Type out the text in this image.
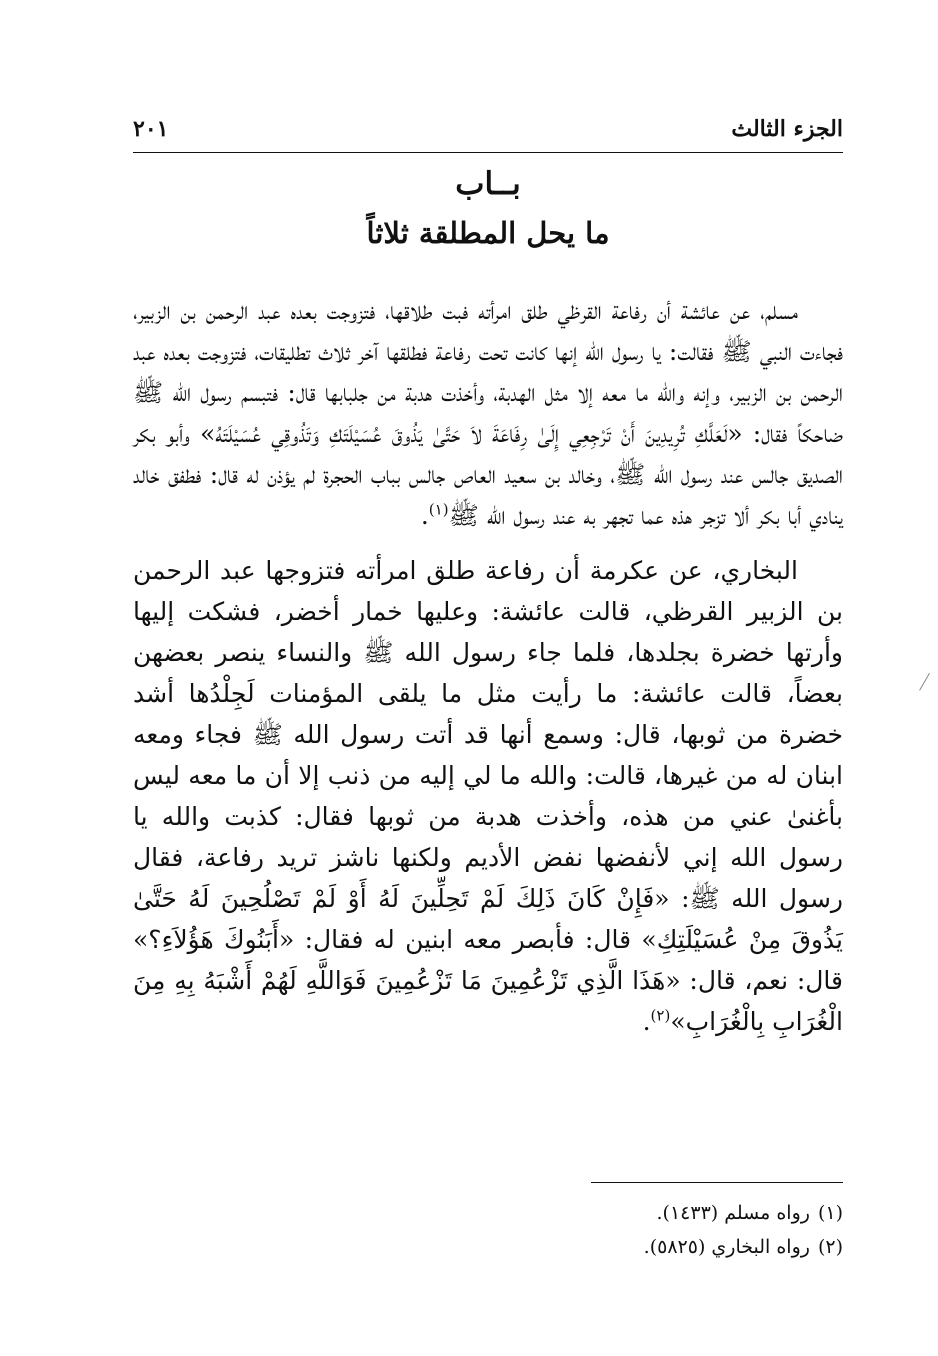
الجزء الثالث
٢٠١
بــاب
ما يحل المطلقة ثلاثاً

مسلم، عن عائشة أن رفاعة القرظي طلق امرأته فبت طلاقها، فتزوجت بعده عبد الرحمن بن الزبير، فجاءت النبي ﷺ فقالت: يا رسول الله إنها كانت تحت رفاعة فطلقها آخر ثلاث تطليقات، فتزوجت بعده عبد الرحمن بن الزبير، وإنه والله ما معه إلا مثل الهدبة، وأخذت هدبة من جلبابها قال: فتبسم رسول الله ﷺ ضاحكاً فقال: «لَعَلَّكِ تُرِيدِينَ أَنْ تَرْجِعِي إِلَىٰ رِفَاعَةَ لاَ حَتَّىٰ يَذُوقَ عُسَيْلَتَكِ وَتَذُوقِي عُسَيْلَتَهُ» وأبو بكر الصديق جالس عند رسول الله ﷺ، وخالد بن سعيد العاص جالس بباب الحجرة لم يؤذن له قال: فطفق خالد ينادي أبا بكر ألا تزجر هذه عما تجهر به عند رسول الله ﷺ$^{(١)}$.

البخاري، عن عكرمة أن رفاعة طلق امرأته فتزوجها عبد الرحمن بن الزبير القرظي، قالت عائشة: وعليها خمار أخضر، فشكت إليها وأرتها خضرة بجلدها، فلما جاء رسول الله ﷺ والنساء ينصر بعضهن بعضاً، قالت عائشة: ما رأيت مثل ما يلقى المؤمنات لَجِلْدُها أشد خضرة من ثوبها، قال: وسمع أنها قد أتت رسول الله ﷺ فجاء ومعه ابنان له من غيرها، قالت: والله ما لي إليه من ذنب إلا أن ما معه ليس بأغنىٰ عني من هذه، وأخذت هدبة من ثوبها فقال: كذبت والله يا رسول الله إني لأنفضها نفض الأديم ولكنها ناشز تريد رفاعة، فقال رسول الله ﷺ: «فَإِنْ كَانَ ذَلِكَ لَمْ تَحِلِّينَ لَهُ أَوْ لَمْ تَصْلُحِينَ لَهُ حَتَّىٰ يَذُوقَ مِنْ عُسَيْلَتِكِ» قال: فأبصر معه ابنين له فقال: «أَبَنُوكَ هَؤُلاَءِ؟» قال: نعم، قال: «هَذَا الَّذِي تَزْعُمِينَ مَا تَزْعُمِينَ فَوَاللَّهِ لَهُمْ أَشْبَهُ بِهِ مِنَ الْغُرَابِ بِالْغُرَابِ»$^{(٢)}$.

(١)رواه مسلم (١٤٣٣).

(٢)رواه البخاري (٥٨٢٥).
